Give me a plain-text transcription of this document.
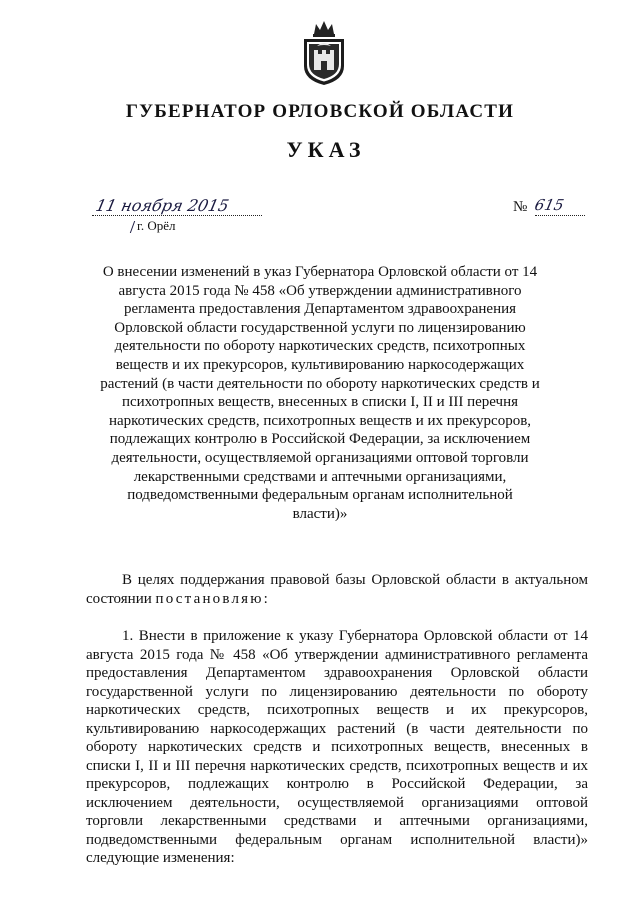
ГУБЕРНАТОР ОРЛОВСКОЙ ОБЛАСТИ
УКАЗ
11 ноября 2015
г. Орёл
№ 615

О внесении изменений в указ Губернатора Орловской области от 14 августа 2015 года № 458 «Об утверждении административного регламента предоставления Департаментом здравоохранения Орловской области государственной услуги по лицензированию деятельности по обороту наркотических средств, психотропных веществ и их прекурсоров, культивированию наркосодержащих растений (в части деятельности по обороту наркотических средств и психотропных веществ, внесенных в списки I, II и III перечня наркотических средств, психотропных веществ и их прекурсоров, подлежащих контролю в Российской Федерации, за исключением деятельности, осуществляемой организациями оптовой торговли лекарственными средствами и аптечными организациями, подведомственными федеральным органам исполнительной власти)»

В целях поддержания правовой базы Орловской области в актуальном состоянии постановляю:

1. Внести в приложение к указу Губернатора Орловской области от 14 августа 2015 года № 458 «Об утверждении административного регламента предоставления Департаментом здравоохранения Орловской области государственной услуги по лицензированию деятельности по обороту наркотических средств, психотропных веществ и их прекурсоров, культивированию наркосодержащих растений (в части деятельности по обороту наркотических средств и психотропных веществ, внесенных в списки I, II и III перечня наркотических средств, психотропных веществ и их прекурсоров, подлежащих контролю в Российской Федерации, за исключением деятельности, осуществляемой организациями оптовой торговли лекарственными средствами и аптечными организациями, подведомственными федеральным органам исполнительной власти)» следующие изменения:
